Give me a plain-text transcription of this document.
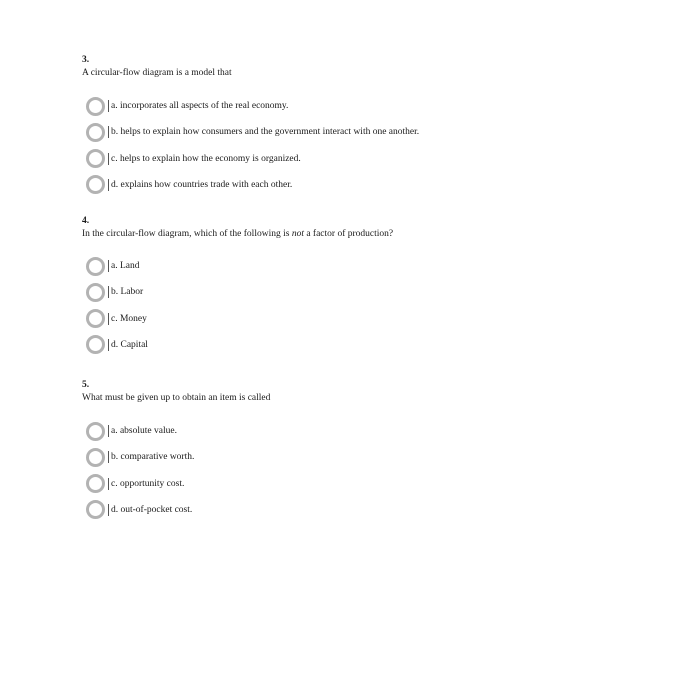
3.
A circular-flow diagram is a model that
a. incorporates all aspects of the real economy.
b. helps to explain how consumers and the government interact with one another.
c. helps to explain how the economy is organized.
d. explains how countries trade with each other.
4.
In the circular-flow diagram, which of the following is not a factor of production?
a. Land
b. Labor
c. Money
d. Capital
5.
What must be given up to obtain an item is called
a. absolute value.
b. comparative worth.
c. opportunity cost.
d. out-of-pocket cost.
